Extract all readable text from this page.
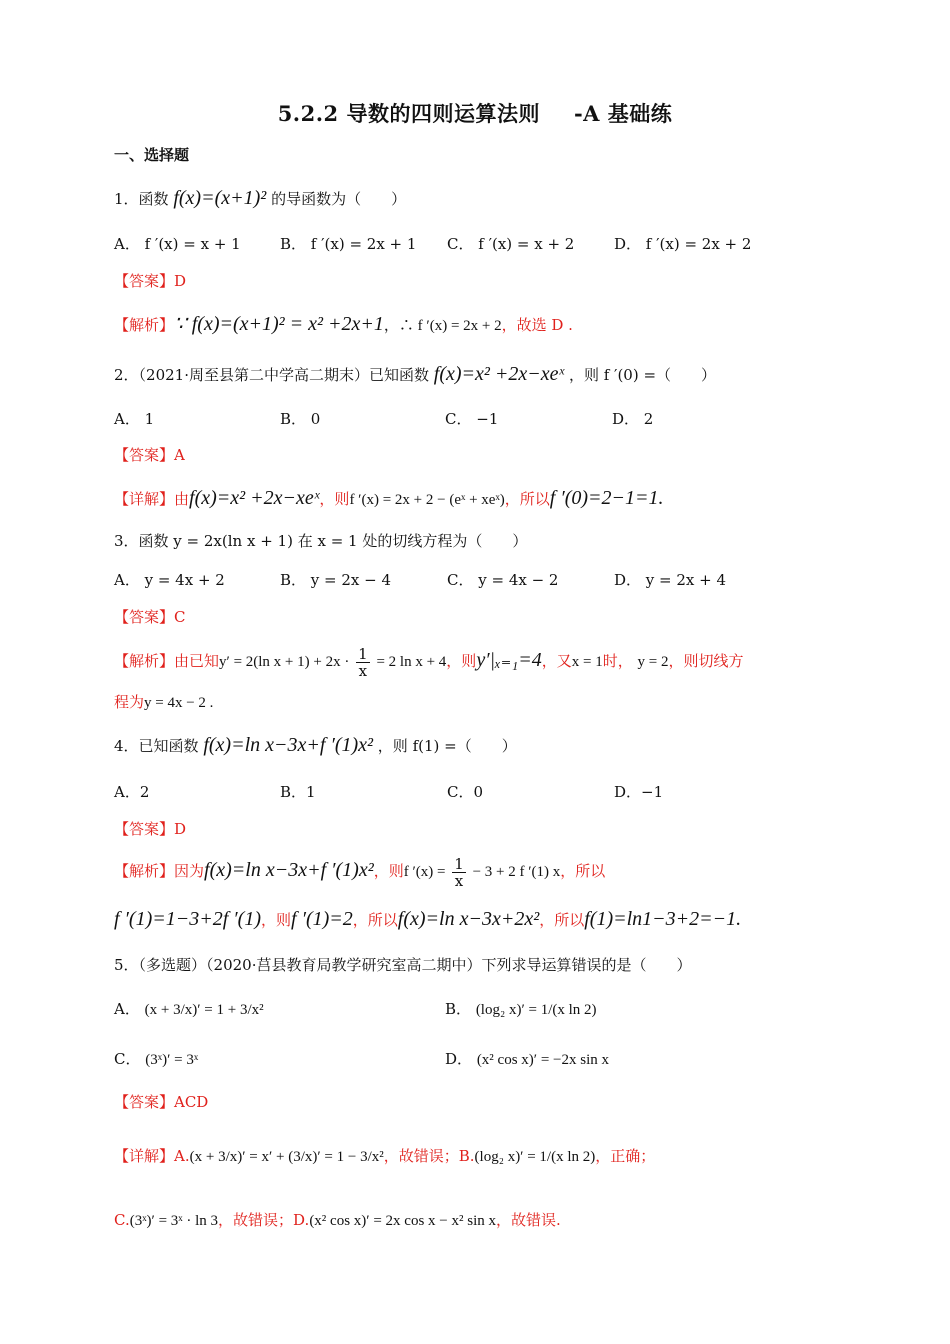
5.2.2 导数的四则运算法则 -A 基础练
一、选择题
1．函数 f(x)=(x+1)² 的导函数为（　　）
A． f ′(x) = x + 1	B． f ′(x) = 2x + 1 C． f ′(x) = x + 2	D． f ′(x) = 2x + 2
【答案】D
【解析】∵ f(x)=(x+1)² = x² +2x+1，∴ f ′(x) = 2x + 2，故选 D .
2．（2021·周至县第二中学高二期末）已知函数 f(x)=x² +2x−xeˣ ，则 f ′(0) =（　　）
A． 1	B． 0	C． −1	D． 2
【答案】A
【详解】由f(x)=x² +2x−xeˣ，则f ′(x) = 2x + 2 − (eˣ + xeˣ)，所以f ′(0)=2−1=1.
3．函数 y = 2x(ln x + 1) 在 x = 1 处的切线方程为（　　）
A． y = 4x + 2	B． y = 2x − 4	C． y = 4x − 2	D． y = 2x + 4
【答案】C
【解析】由已知y′ = 2(ln $x + 1) + 2x \cdot \frac{1}{x} = 2$ ln x + 4，则y′|ₓ₌₁=4，又x = 1时， y = 2，则切线方
程为y = 4x − 2 .
4．已知函数 f(x)=ln x−3x+f ′(1)x² ，则 f(1) =（　　）
A．2	B．1	C．0	D．−1
【答案】D
【解析】因为f(x)=ln x−3x+f ′(1)x²，则f $'(x) = \frac{1}{x} - 3 + 2$ f ′(1) x，所以
f ′(1)=1−3+2f ′(1)，则f ′(1)=2，所以f(x)=ln x−3x+2x²，所以f(1)=ln1−3+2=−1.
5．（多选题）（2020·莒县教育局教学研究室高二期中）下列求导运算错误的是（　　）
A． (x + 3/x)′ = 1 + 3/x²	B． (log₂ x)′ = 1/(x ln 2)
C． (3ˣ)′ = 3ˣ	D． (x² cos x)′ = −2x sin x
【答案】ACD
【详解】A.(x + 3/x)′ = x′ + (3/x)′ = 1 − 3/x²，故错误；B.(log₂ x)′ = 1/(x ln 2)，正确；
C.(3ˣ)′ = 3ˣ · ln 3，故错误；D.(x² cos x)′ = 2x cos x − x² sin x，故错误.
